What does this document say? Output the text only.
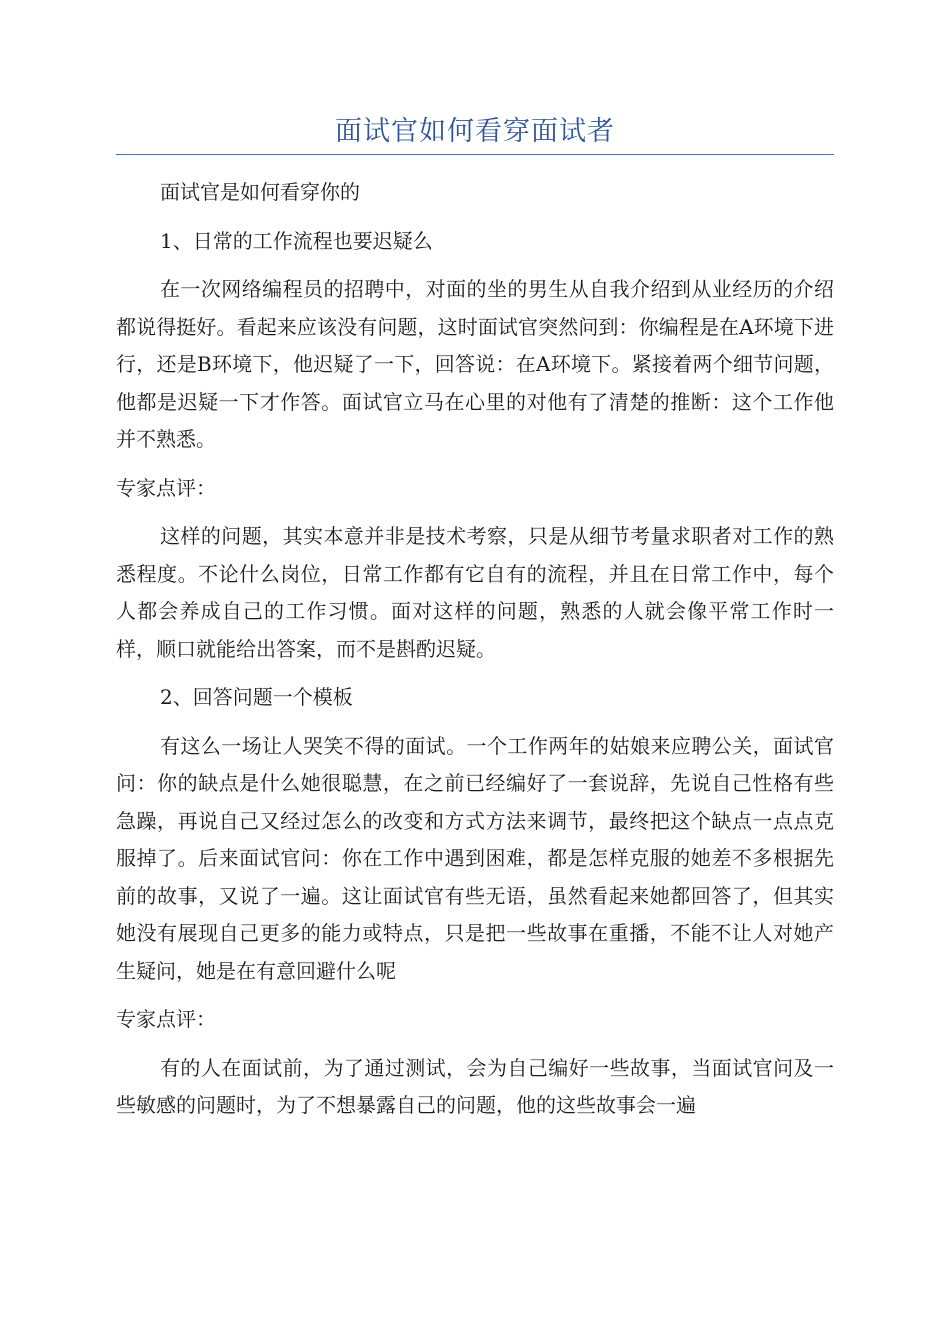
面试官如何看穿面试者

面试官是如何看穿你的

1、日常的工作流程也要迟疑么

在一次网络编程员的招聘中，对面的坐的男生从自我介绍到从业经历的介绍都说得挺好。看起来应该没有问题，这时面试官突然问到：你编程是在A环境下进行，还是B环境下，他迟疑了一下，回答说：在A环境下。紧接着两个细节问题，他都是迟疑一下才作答。面试官立马在心里的对他有了清楚的推断：这个工作他并不熟悉。

专家点评：

这样的问题，其实本意并非是技术考察，只是从细节考量求职者对工作的熟悉程度。不论什么岗位，日常工作都有它自有的流程，并且在日常工作中，每个人都会养成自己的工作习惯。面对这样的问题，熟悉的人就会像平常工作时一样，顺口就能给出答案，而不是斟酌迟疑。

2、回答问题一个模板

有这么一场让人哭笑不得的面试。一个工作两年的姑娘来应聘公关，面试官问：你的缺点是什么她很聪慧，在之前已经编好了一套说辞，先说自己性格有些急躁，再说自己又经过怎么的改变和方式方法来调节，最终把这个缺点一点点克服掉了。后来面试官问：你在工作中遇到困难，都是怎样克服的她差不多根据先前的故事，又说了一遍。这让面试官有些无语，虽然看起来她都回答了，但其实她没有展现自己更多的能力或特点，只是把一些故事在重播，不能不让人对她产生疑问，她是在有意回避什么呢

专家点评：

有的人在面试前，为了通过测试，会为自己编好一些故事，当面试官问及一些敏感的问题时，为了不想暴露自己的问题，他的这些故事会一遍
